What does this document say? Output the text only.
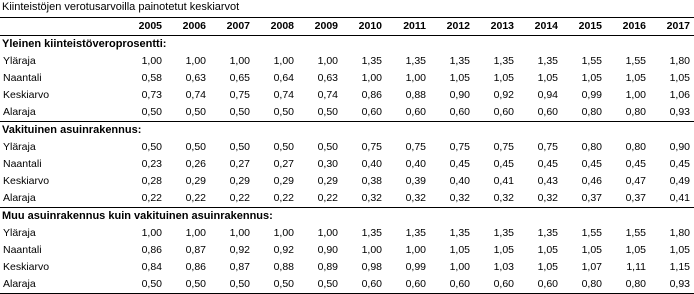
Kiinteistöjen verotusarvoilla painotetut keskiarvot
	2005	2006	2007	2008	2009	2010	2011	2012	2013	2014	2015	2016	2017
Yleinen kiinteistöveroprosentti:													
Yläraja	1,00	1,00	1,00	1,00	1,00	1,35	1,35	1,35	1,35	1,35	1,55	1,55	1,80
Naantali	0,58	0,63	0,65	0,64	0,63	1,00	1,00	1,05	1,05	1,05	1,05	1,05	1,05
Keskiarvo	0,73	0,74	0,75	0,74	0,74	0,86	0,88	0,90	0,92	0,94	0,99	1,00	1,06
Alaraja	0,50	0,50	0,50	0,50	0,50	0,60	0,60	0,60	0,60	0,60	0,80	0,80	0,93
Vakituinen asuinrakennus:													
Yläraja	0,50	0,50	0,50	0,50	0,50	0,75	0,75	0,75	0,75	0,75	0,80	0,80	0,90
Naantali	0,23	0,26	0,27	0,27	0,30	0,40	0,40	0,45	0,45	0,45	0,45	0,45	0,45
Keskiarvo	0,28	0,29	0,29	0,29	0,29	0,38	0,39	0,40	0,41	0,43	0,46	0,47	0,49
Alaraja	0,22	0,22	0,22	0,22	0,22	0,32	0,32	0,32	0,32	0,32	0,37	0,37	0,41
Muu asuinrakennus kuin vakituinen asuinrakennus:													
Yläraja	1,00	1,00	1,00	1,00	1,00	1,35	1,35	1,35	1,35	1,35	1,55	1,55	1,80
Naantali	0,86	0,87	0,92	0,92	0,90	1,00	1,00	1,05	1,05	1,05	1,05	1,05	1,05
Keskiarvo	0,84	0,86	0,87	0,88	0,89	0,98	0,99	1,00	1,03	1,05	1,07	1,11	1,15
Alaraja	0,50	0,50	0,50	0,50	0,50	0,60	0,60	0,60	0,60	0,60	0,80	0,80	0,93
